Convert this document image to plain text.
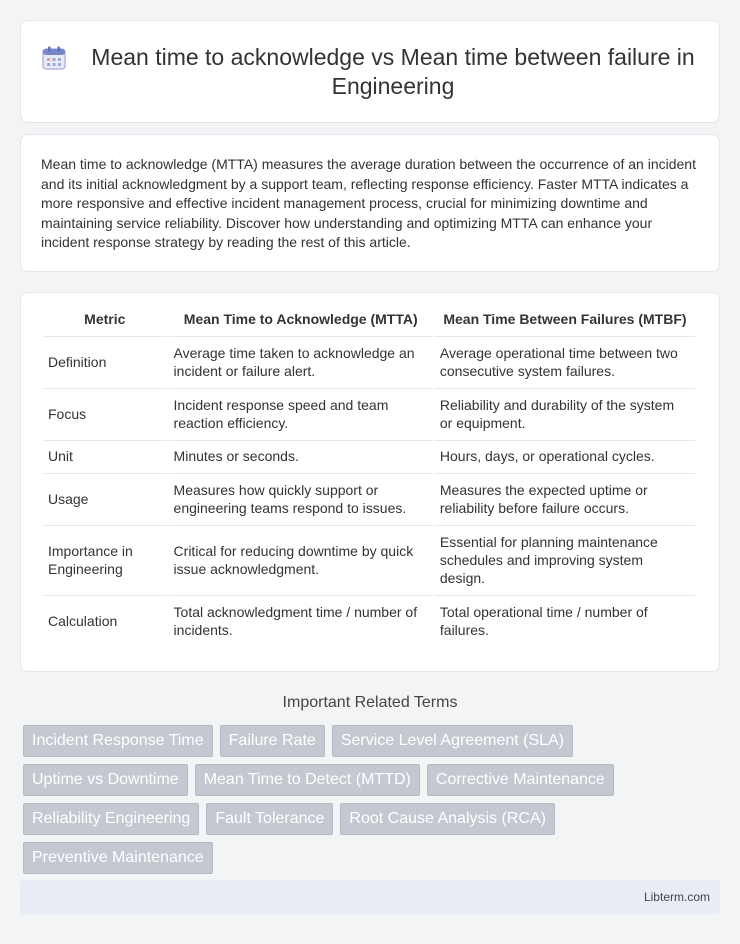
Mean time to acknowledge vs Mean time between failure in Engineering

Mean time to acknowledge (MTTA) measures the average duration between the occurrence of an incident and its initial acknowledgment by a support team, reflecting response efficiency. Faster MTTA indicates a more responsive and effective incident management process, crucial for minimizing downtime and maintaining service reliability. Discover how understanding and optimizing MTTA can enhance your incident response strategy by reading the rest of this article.

Metric	Mean Time to Acknowledge (MTTA)	Mean Time Between Failures (MTBF)
Definition	Average time taken to acknowledge an incident or failure alert.	Average operational time between two consecutive system failures.
Focus	Incident response speed and team reaction efficiency.	Reliability and durability of the system or equipment.
Unit	Minutes or seconds.	Hours, days, or operational cycles.
Usage	Measures how quickly support or engineering teams respond to issues.	Measures the expected uptime or reliability before failure occurs.
Importance in Engineering	Critical for reducing downtime by quick issue acknowledgment.	Essential for planning maintenance schedules and improving system design.
Calculation	Total acknowledgment time / number of incidents.	Total operational time / number of failures.
Important Related Terms
Incident Response Time	Failure Rate	Service Level Agreement (SLA)
Uptime vs Downtime	Mean Time to Detect (MTTD)	Corrective Maintenance
Reliability Engineering	Fault Tolerance	Root Cause Analysis (RCA)
Preventive Maintenance
Libterm.com
